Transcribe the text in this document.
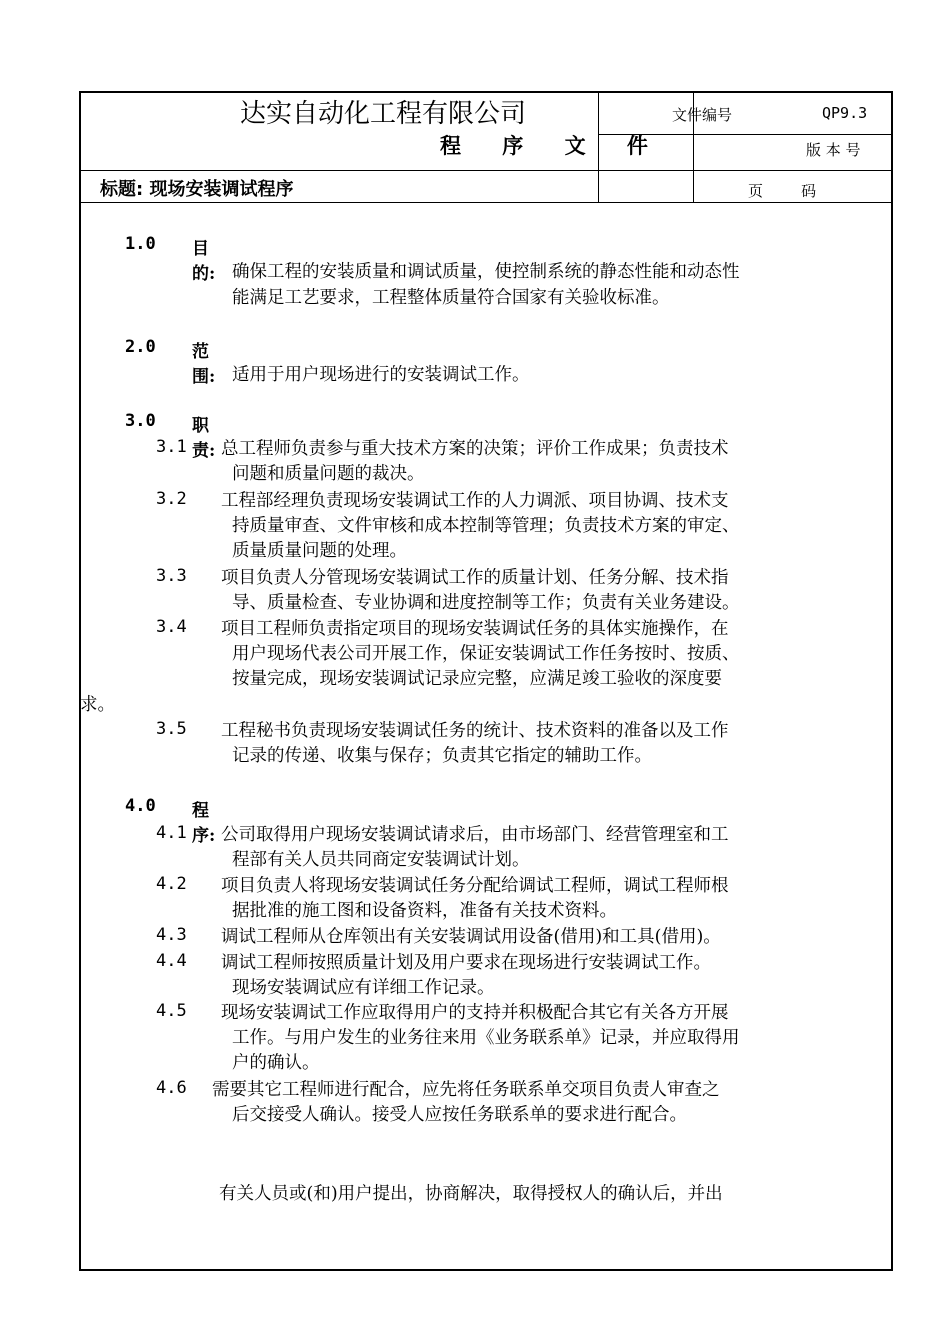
达实自动化工程有限公司
程 序 文 件
文件编号	QP9.3
版 本 号
页        码
标题: 现场安装调试程序
1.0 目的: 确保工程的安装质量和调试质量，使控制系统的静态性能和动态性
能满足工艺要求，工程整体质量符合国家有关验收标准。
2.0 范围: 适用于用户现场进行的安装调试工作。
3.0 职责:
3.1 总工程师负责参与重大技术方案的决策；评价工作成果；负责技术
问题和质量问题的裁决。
3.2 工程部经理负责现场安装调试工作的人力调派、项目协调、技术支
持质量审查、文件审核和成本控制等管理；负责技术方案的审定、
质量质量问题的处理。
3.3 项目负责人分管现场安装调试工作的质量计划、任务分解、技术指
导、质量检查、专业协调和进度控制等工作；负责有关业务建设。
3.4 项目工程师负责指定项目的现场安装调试任务的具体实施操作，在
用户现场代表公司开展工作，保证安装调试工作任务按时、按质、
按量完成，现场安装调试记录应完整，应满足竣工验收的深度要
求。
3.5 工程秘书负责现场安装调试任务的统计、技术资料的准备以及工作
记录的传递、收集与保存；负责其它指定的辅助工作。
4.0 程序:
4.1 公司取得用户现场安装调试请求后，由市场部门、经营管理室和工
程部有关人员共同商定安装调试计划。
4.2 项目负责人将现场安装调试任务分配给调试工程师，调试工程师根
据批准的施工图和设备资料，准备有关技术资料。
4.3 调试工程师从仓库领出有关安装调试用设备(借用)和工具(借用)。
4.4 调试工程师按照质量计划及用户要求在现场进行安装调试工作。
现场安装调试应有详细工作记录。
4.5 现场安装调试工作应取得用户的支持并积极配合其它有关各方开展
工作。与用户发生的业务往来用《业务联系单》记录，并应取得用
户的确认。
4.6 需要其它工程师进行配合，应先将任务联系单交项目负责人审查之
后交接受人确认。接受人应按任务联系单的要求进行配合。
有关人员或(和)用户提出，协商解决，取得授权人的确认后，并出
